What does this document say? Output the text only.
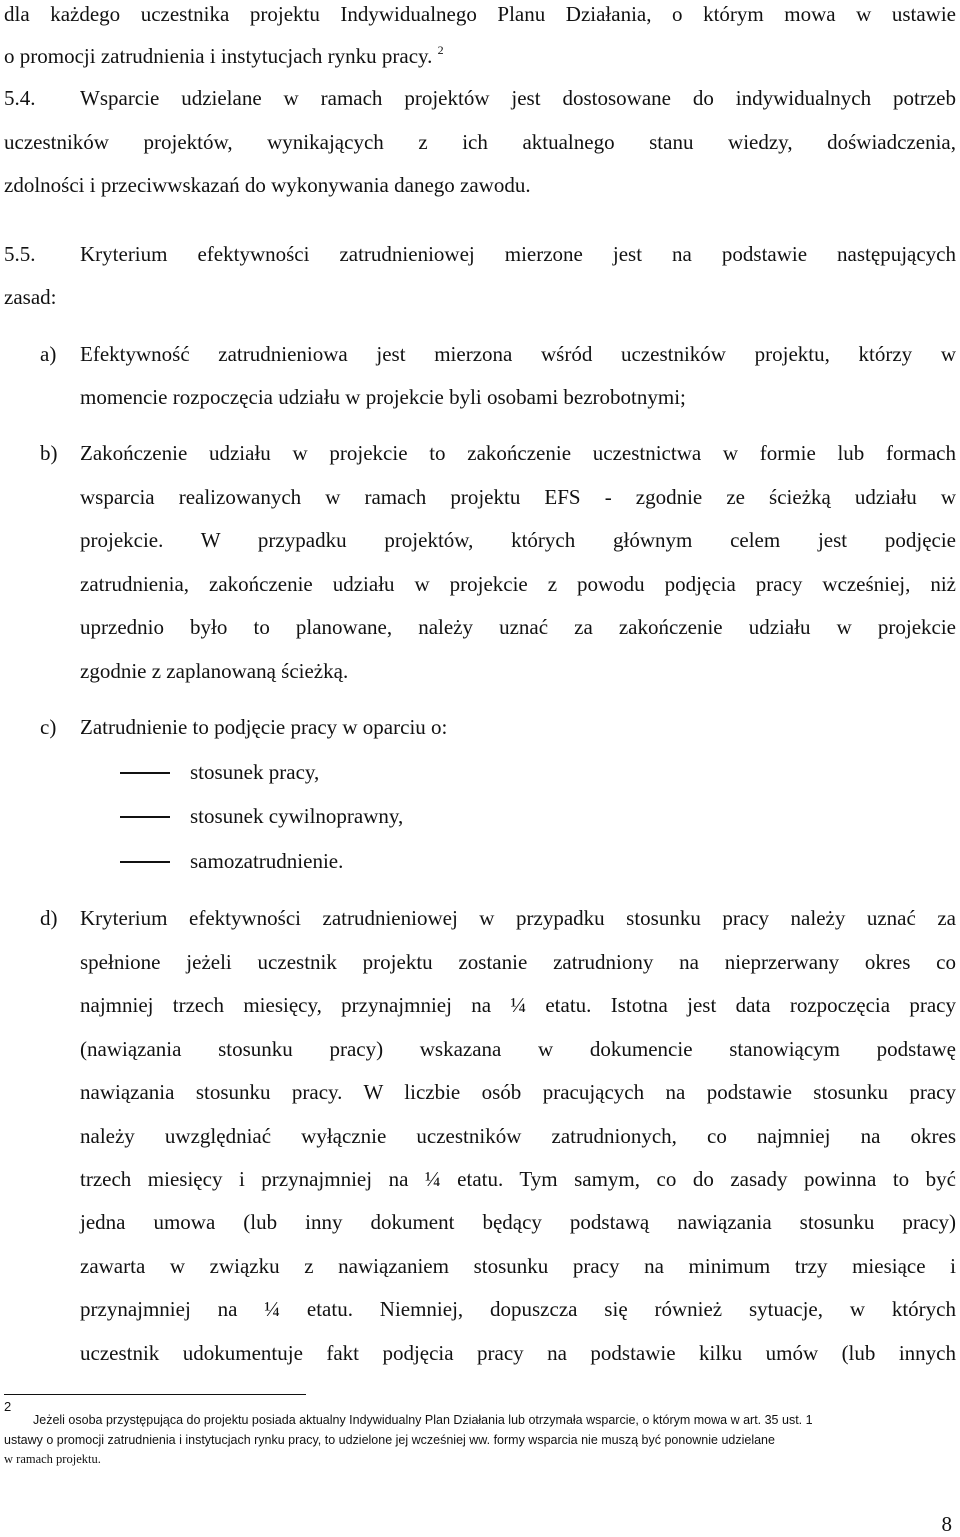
dla każdego uczestnika projektu Indywidualnego Planu Działania, o którym mowa w ustawie
o promocji zatrudnienia i instytucjach rynku pracy. $^2$
5.4. Wsparcie udzielane w ramach projektów jest dostosowane do indywidualnych potrzeb
uczestników projektów, wynikających z ich aktualnego stanu wiedzy, doświadczenia,
zdolności i przeciwwskazań do wykonywania danego zawodu.
5.5. Kryterium efektywności zatrudnieniowej mierzone jest na podstawie następujących
zasad:
a) Efektywność zatrudnieniowa jest mierzona wśród uczestników projektu, którzy w
momencie rozpoczęcia udziału w projekcie byli osobami bezrobotnymi;
b) Zakończenie udziału w projekcie to zakończenie uczestnictwa w formie lub formach
wsparcia realizowanych w ramach projektu EFS - zgodnie ze ścieżką udziału w
projekcie. W przypadku projektów, których głównym celem jest podjęcie
zatrudnienia, zakończenie udziału w projekcie z powodu podjęcia pracy wcześniej, niż
uprzednio było to planowane, należy uznać za zakończenie udziału w projekcie
zgodnie z zaplanowaną ścieżką.
c) Zatrudnienie to podjęcie pracy w oparciu o:
stosunek pracy,
stosunek cywilnoprawny,
samozatrudnienie.
d) Kryterium efektywności zatrudnieniowej w przypadku stosunku pracy należy uznać za
spełnione jeżeli uczestnik projektu zostanie zatrudniony na nieprzerwany okres co
najmniej trzech miesięcy, przynajmniej na ¼ etatu. Istotna jest data rozpoczęcia pracy
(nawiązania stosunku pracy) wskazana w dokumencie stanowiącym podstawę
nawiązania stosunku pracy. W liczbie osób pracujących na podstawie stosunku pracy
należy uwzględniać wyłącznie uczestników zatrudnionych, co najmniej na okres
trzech miesięcy i przynajmniej na ¼ etatu. Tym samym, co do zasady powinna to być
jedna umowa (lub inny dokument będący podstawą nawiązania stosunku pracy)
zawarta w związku z nawiązaniem stosunku pracy na minimum trzy miesiące i
przynajmniej na ¼ etatu. Niemniej, dopuszcza się również sytuacje, w których
uczestnik udokumentuje fakt podjęcia pracy na podstawie kilku umów (lub innych
2
Jeżeli osoba przystępująca do projektu posiada aktualny Indywidualny Plan Działania lub otrzymała wsparcie, o którym mowa w art. 35 ust. 1
ustawy o promocji zatrudnienia i instytucjach rynku pracy, to udzielone jej wcześniej ww. formy wsparcia nie muszą być ponownie udzielane
w ramach projektu.
8
